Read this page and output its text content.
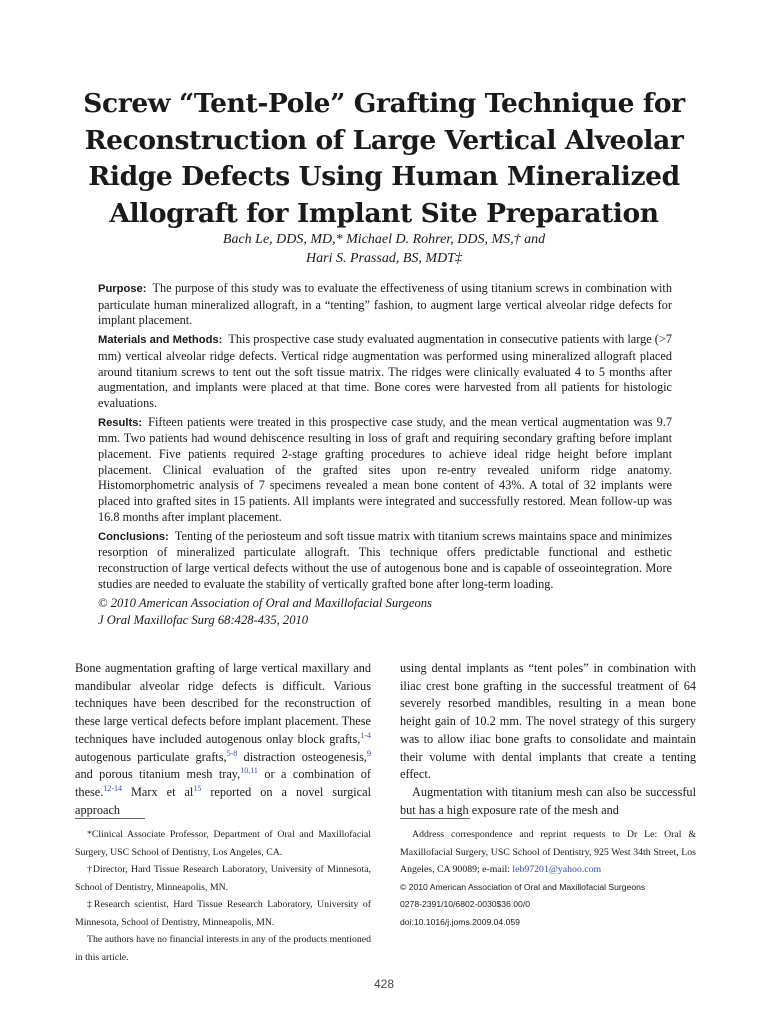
Screw “Tent-Pole” Grafting Technique for
Reconstruction of Large Vertical Alveolar
Ridge Defects Using Human Mineralized
Allograft for Implant Site Preparation
Bach Le, DDS, MD,* Michael D. Rohrer, DDS, MS,† and
Hari S. Prassad, BS, MDT‡

Purpose: The purpose of this study was to evaluate the effectiveness of using titanium screws in combination with particulate human mineralized allograft, in a “tenting” fashion, to augment large vertical alveolar ridge defects for implant placement.

Materials and Methods: This prospective case study evaluated augmentation in consecutive patients with large (>7 mm) vertical alveolar ridge defects. Vertical ridge augmentation was performed using mineralized allograft placed around titanium screws to tent out the soft tissue matrix. The ridges were clinically evaluated 4 to 5 months after augmentation, and implants were placed at that time. Bone cores were harvested from all patients for histologic evaluations.

Results: Fifteen patients were treated in this prospective case study, and the mean vertical augmentation was 9.7 mm. Two patients had wound dehiscence resulting in loss of graft and requiring secondary grafting before implant placement. Five patients required 2-stage grafting procedures to achieve ideal ridge height before implant placement. Clinical evaluation of the grafted sites upon re-entry revealed uniform ridge anatomy. Histomorphometric analysis of 7 specimens revealed a mean bone content of 43%. A total of 32 implants were placed into grafted sites in 15 patients. All implants were integrated and successfully restored. Mean follow-up was 16.8 months after implant placement.

Conclusions: Tenting of the periosteum and soft tissue matrix with titanium screws maintains space and minimizes resorption of mineralized particulate allograft. This technique offers predictable functional and esthetic reconstruction of large vertical defects without the use of autogenous bone and is capable of osseointegration. More studies are needed to evaluate the stability of vertically grafted bone after long-term loading.

© 2010 American Association of Oral and Maxillofacial Surgeons

J Oral Maxillofac Surg 68:428-435, 2010

Bone augmentation grafting of large vertical maxillary and mandibular alveolar ridge defects is difficult. Various techniques have been described for the reconstruction of these large vertical defects before implant placement. These techniques have included autogenous onlay block grafts,$^{1-4}$ autogenous particulate grafts,$^{5-8}$ distraction osteogenesis,$^9$ and porous titanium mesh tray,$^{10,11}$ or a combination of these.$^{12-14}$ Marx et $al^{15}$ reported on a novel surgical approach

using dental implants as “tent poles” in combination with iliac crest bone grafting in the successful treatment of 64 severely resorbed mandibles, resulting in a mean bone height gain of 10.2 mm. The novel strategy of this surgery was to allow iliac bone grafts to consolidate and maintain their volume with dental implants that create a tenting effect.

Augmentation with titanium mesh can also be successful but has a high exposure rate of the mesh and

*Clinical Associate Professor, Department of Oral and Maxillofacial Surgery, USC School of Dentistry, Los Angeles, CA.

†Director, Hard Tissue Research Laboratory, University of Minnesota, School of Dentistry, Minneapolis, MN.

‡Research scientist, Hard Tissue Research Laboratory, University of Minnesota, School of Dentistry, Minneapolis, MN.

The authors have no financial interests in any of the products mentioned in this article.

Address correspondence and reprint requests to Dr Le: Oral & Maxillofacial Surgery, USC School of Dentistry, 925 West 34th Street, Los Angeles, CA 90089; e-mail: leb97201@yahoo.com

© 2010 American Association of Oral and Maxillofacial Surgeons

0278-2391/10/6802-0030$36.00/0

doi:10.1016/j.joms.2009.04.059

428
